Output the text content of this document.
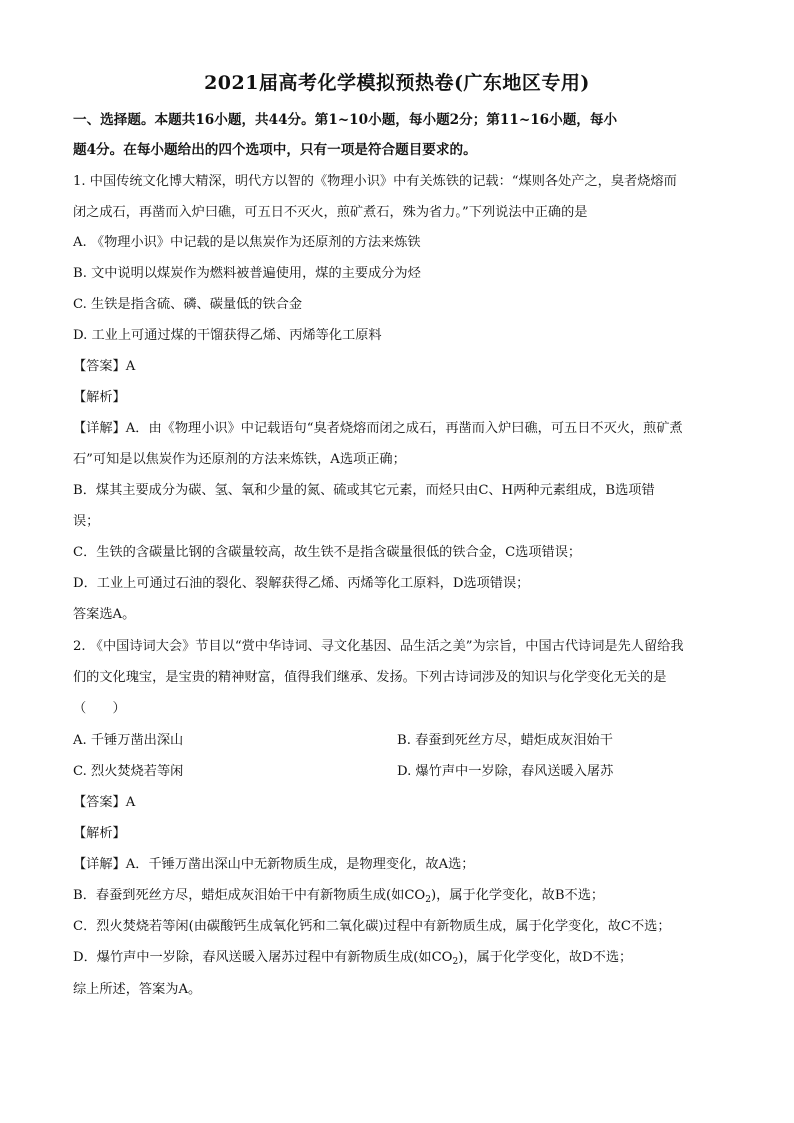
2021届高考化学模拟预热卷(广东地区专用)
一、选择题。本题共16小题，共44分。第1~10小题，每小题2分；第11~16小题，每小
题4分。在每小题给出的四个选项中，只有一项是符合题目要求的。
1. 中国传统文化博大精深，明代方以智的《物理小识》中有关炼铁的记载：“煤则各处产之，臭者烧熔而
闭之成石，再凿而入炉曰礁，可五日不灭火，煎矿煮石，殊为省力。”下列说法中正确的是
A. 《物理小识》中记载的是以焦炭作为还原剂的方法来炼铁
B. 文中说明以煤炭作为燃料被普遍使用，煤的主要成分为烃
C. 生铁是指含硫、磷、碳量低的铁合金
D. 工业上可通过煤的干馏获得乙烯、丙烯等化工原料
【答案】A
【解析】
【详解】A．由《物理小识》中记载语句“臭者烧熔而闭之成石，再凿而入炉曰礁，可五日不灭火，煎矿煮
石”可知是以焦炭作为还原剂的方法来炼铁，A选项正确；
B．煤其主要成分为碳、氢、氧和少量的氮、硫或其它元素，而烃只由C、H两种元素组成，B选项错
误；
C．生铁的含碳量比钢的含碳量较高，故生铁不是指含碳量很低的铁合金，C选项错误；
D．工业上可通过石油的裂化、裂解获得乙烯、丙烯等化工原料，D选项错误；
答案选A。
2. 《中国诗词大会》节目以“赏中华诗词、寻文化基因、品生活之美”为宗旨，中国古代诗词是先人留给我
们的文化瑰宝，是宝贵的精神财富，值得我们继承、发扬。下列古诗词涉及的知识与化学变化无关的是
（　　）
A. 千锤万凿出深山	B. 春蚕到死丝方尽，蜡炬成灰泪始干
C. 烈火焚烧若等闲	D. 爆竹声中一岁除，春风送暖入屠苏
【答案】A
【解析】
【详解】A．千锤万凿出深山中无新物质生成，是物理变化，故A选；
B．春蚕到死丝方尽，蜡炬成灰泪始干中有新物质生成(如$CO_2$)，属于化学变化，故B不选；
C．烈火焚烧若等闲(由碳酸钙生成氧化钙和二氧化碳)过程中有新物质生成，属于化学变化，故C不选；
D．爆竹声中一岁除，春风送暖入屠苏过程中有新物质生成(如$CO_2$)，属于化学变化，故D不选；
综上所述，答案为A。
